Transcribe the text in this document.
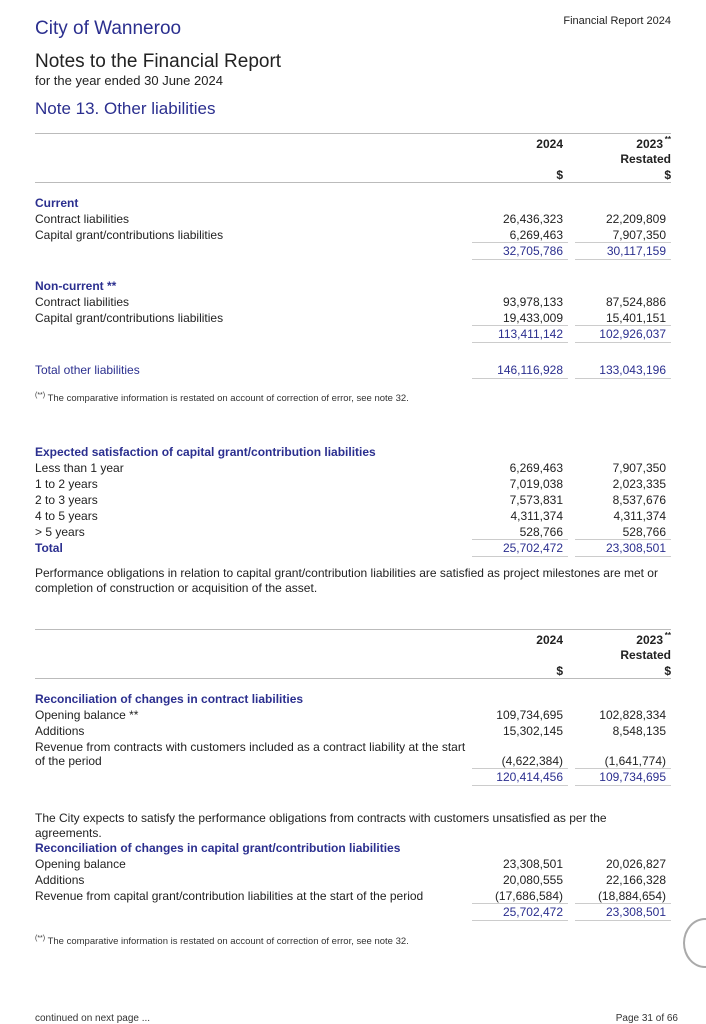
City of Wanneroo	Financial Report 2024
Notes to the Financial Report
for the year ended 30 June 2024
Note 13. Other liabilities
2024	2023 **
Restated
$	$
Current
Contract liabilities	26,436,323	22,209,809
Capital grant/contributions liabilities	6,269,463	7,907,350
32,705,786	30,117,159
Non-current **
Contract liabilities	93,978,133	87,524,886
Capital grant/contributions liabilities	19,433,009	15,401,151
113,411,142	102,926,037
Total other liabilities	146,116,928	133,043,196
(**) The comparative information is restated on account of correction of error, see note 32.
Expected satisfaction of capital grant/contribution liabilities
Less than 1 year	6,269,463	7,907,350
1 to 2 years	7,019,038	2,023,335
2 to 3 years	7,573,831	8,537,676
4 to 5 years	4,311,374	4,311,374
> 5 years	528,766	528,766
Total	25,702,472	23,308,501
Performance obligations in relation to capital grant/contribution liabilities are satisfied as project milestones are met or completion of construction or acquisition of the asset.
2024	2023 **
Restated
$	$
Reconciliation of changes in contract liabilities
Opening balance **	109,734,695	102,828,334
Additions	15,302,145	8,548,135
Revenue from contracts with customers included as a contract liability at the start
of the period	(4,622,384)	(1,641,774)
120,414,456	109,734,695
The City expects to satisfy the performance obligations from contracts with customers unsatisfied as per the agreements.
Reconciliation of changes in capital grant/contribution liabilities
Opening balance	23,308,501	20,026,827
Additions	20,080,555	22,166,328
Revenue from capital grant/contribution liabilities at the start of the period	(17,686,584)	(18,884,654)
25,702,472	23,308,501
(**) The comparative information is restated on account of correction of error, see note 32.
continued on next page ...	Page 31 of 66
